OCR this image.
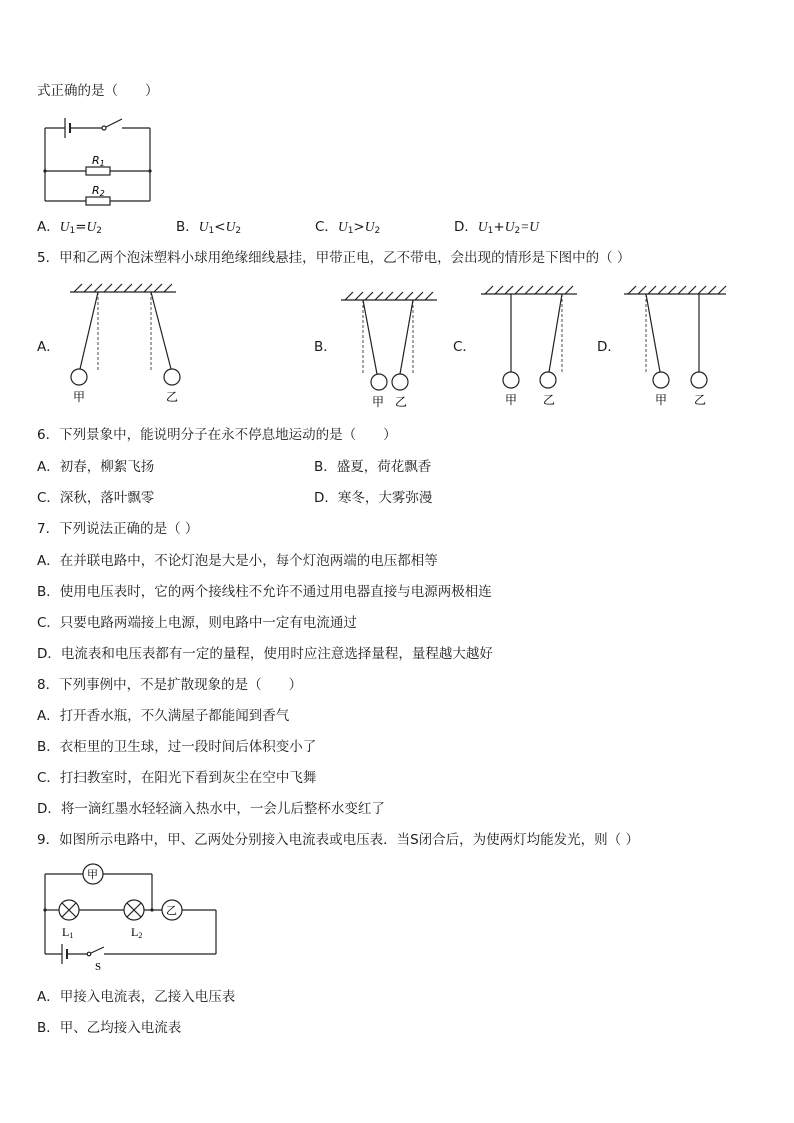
式正确的是（　　）
R1
R2
A．$U_1=U_2$	B．$U_1<U_2$	C．$U_1>U_2$	D．$U_1+U_2=U$
5．甲和乙两个泡沫塑料小球用绝缘细线悬挂，甲带正电，乙不带电，会出现的情形是下图中的（ ）
A．	B．	C．	D．
甲	乙	甲 乙	甲 乙	甲 乙
6．下列景象中，能说明分子在永不停息地运动的是（　　）
A．初春，柳絮飞扬	B．盛夏，荷花飘香
C．深秋，落叶飘零	D．寒冬，大雾弥漫
7．下列说法正确的是（ ）
A．在并联电路中，不论灯泡是大是小，每个灯泡两端的电压都相等
B．使用电压表时，它的两个接线柱不允许不通过用电器直接与电源两极相连
C．只要电路两端接上电源，则电路中一定有电流通过
D．电流表和电压表都有一定的量程，使用时应注意选择量程，量程越大越好
8．下列事例中，不是扩散现象的是（　　）
A．打开香水瓶，不久满屋子都能闻到香气
B．衣柜里的卫生球，过一段时间后体积变小了
C．打扫教室时，在阳光下看到灰尘在空中飞舞
D．将一滴红墨水轻轻滴入热水中，一会儿后整杯水变红了
9．如图所示电路中，甲、乙两处分别接入电流表或电压表．当S闭合后，为使两灯均能发光，则（ ）
甲
乙
L1	L2
S
A．甲接入电流表，乙接入电压表
B．甲、乙均接入电流表
